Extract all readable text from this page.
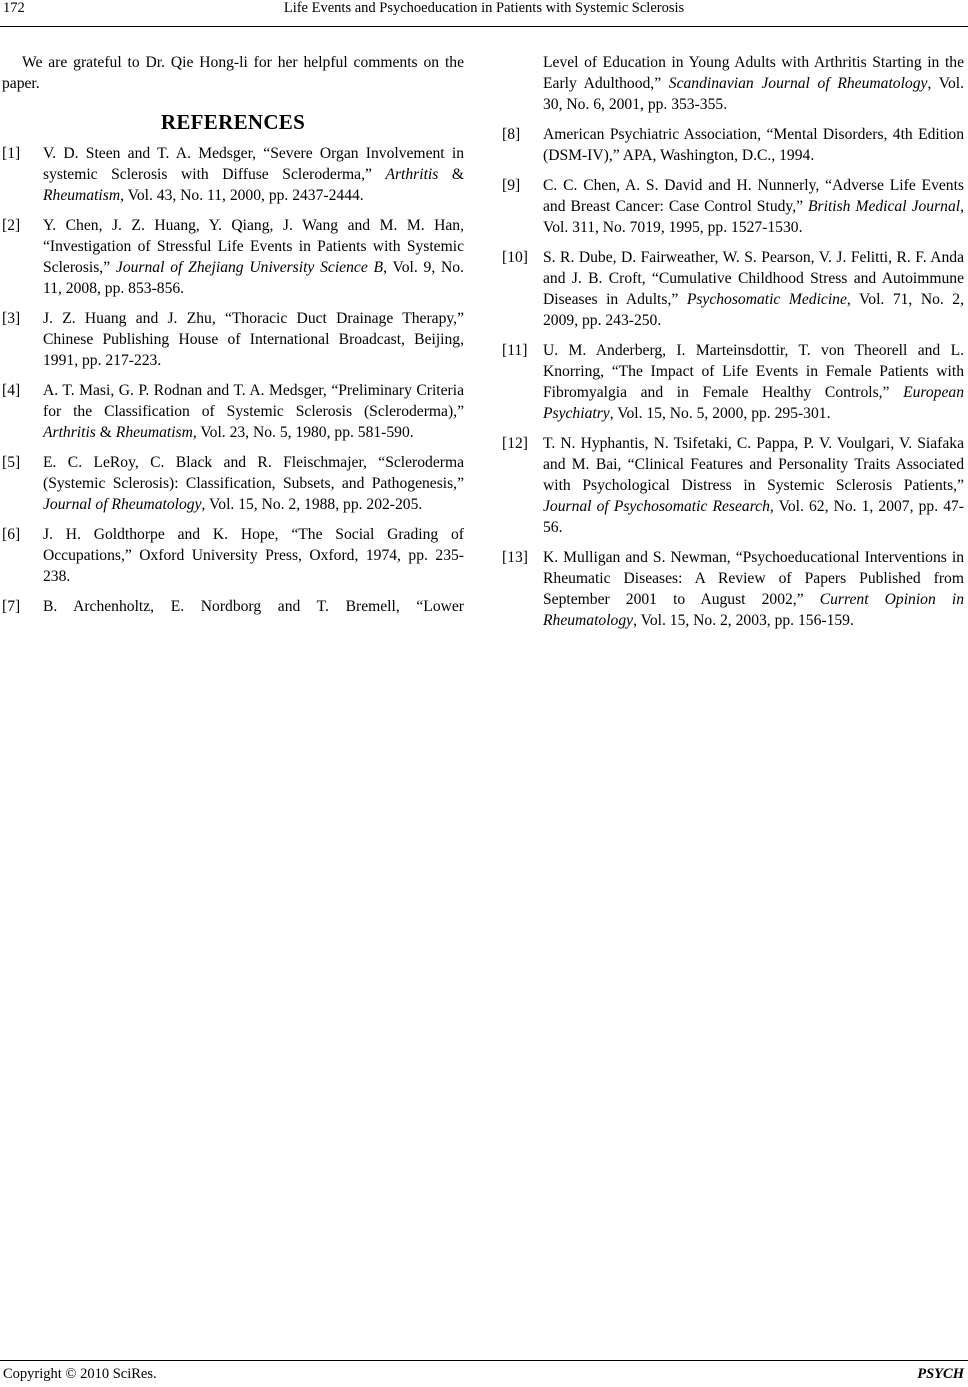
172	Life Events and Psychoeducation in Patients with Systemic Sclerosis

We are grateful to Dr. Qie Hong-li for her helpful comments on the paper.

REFERENCES
[1]	V. D. Steen and T. A. Medsger, “Severe Organ Involvement in systemic Sclerosis with Diffuse Scleroderma,” Arthritis & Rheumatism, Vol. 43, No. 11, 2000, pp. 2437-2444.
[2]	Y. Chen, J. Z. Huang, Y. Qiang, J. Wang and M. M. Han, “Investigation of Stressful Life Events in Patients with Systemic Sclerosis,” Journal of Zhejiang University Science B, Vol. 9, No. 11, 2008, pp. 853-856.
[3]	J. Z. Huang and J. Zhu, “Thoracic Duct Drainage Therapy,” Chinese Publishing House of International Broadcast, Beijing, 1991, pp. 217-223.
[4]	A. T. Masi, G. P. Rodnan and T. A. Medsger, “Preliminary Criteria for the Classification of Systemic Sclerosis (Scleroderma),” Arthritis & Rheumatism, Vol. 23, No. 5, 1980, pp. 581-590.
[5]	E. C. LeRoy, C. Black and R. Fleischmajer, “Scleroderma (Systemic Sclerosis): Classification, Subsets, and Pathogenesis,” Journal of Rheumatology, Vol. 15, No. 2, 1988, pp. 202-205.
[6]	J. H. Goldthorpe and K. Hope, “The Social Grading of Occupations,” Oxford University Press, Oxford, 1974, pp. 235-238.
[7]	B. Archenholtz, E. Nordborg and T. Bremell, “Lower
Level of Education in Young Adults with Arthritis Starting in the Early Adulthood,” Scandinavian Journal of Rheumatology, Vol. 30, No. 6, 2001, pp. 353-355.
[8]	American Psychiatric Association, “Mental Disorders, 4th Edition (DSM-IV),” APA, Washington, D.C., 1994.
[9]	C. C. Chen, A. S. David and H. Nunnerly, “Adverse Life Events and Breast Cancer: Case Control Study,” British Medical Journal, Vol. 311, No. 7019, 1995, pp. 1527-1530.
[10] S. R. Dube, D. Fairweather, W. S. Pearson, V. J. Felitti, R. F. Anda and J. B. Croft, “Cumulative Childhood Stress and Autoimmune Diseases in Adults,” Psychosomatic Medicine, Vol. 71, No. 2, 2009, pp. 243-250.
[11] U. M. Anderberg, I. Marteinsdottir, T. von Theorell and L. Knorring, “The Impact of Life Events in Female Patients with Fibromyalgia and in Female Healthy Controls,” European Psychiatry, Vol. 15, No. 5, 2000, pp. 295-301.
[12] T. N. Hyphantis, N. Tsifetaki, C. Pappa, P. V. Voulgari, V. Siafaka and M. Bai, “Clinical Features and Personality Traits Associated with Psychological Distress in Systemic Sclerosis Patients,” Journal of Psychosomatic Research, Vol. 62, No. 1, 2007, pp. 47-56.
[13] K. Mulligan and S. Newman, “Psychoeducational Interventions in Rheumatic Diseases: A Review of Papers Published from September 2001 to August 2002,” Current Opinion in Rheumatology, Vol. 15, No. 2, 2003, pp. 156-159.
Copyright © 2010 SciRes.	PSYCH
